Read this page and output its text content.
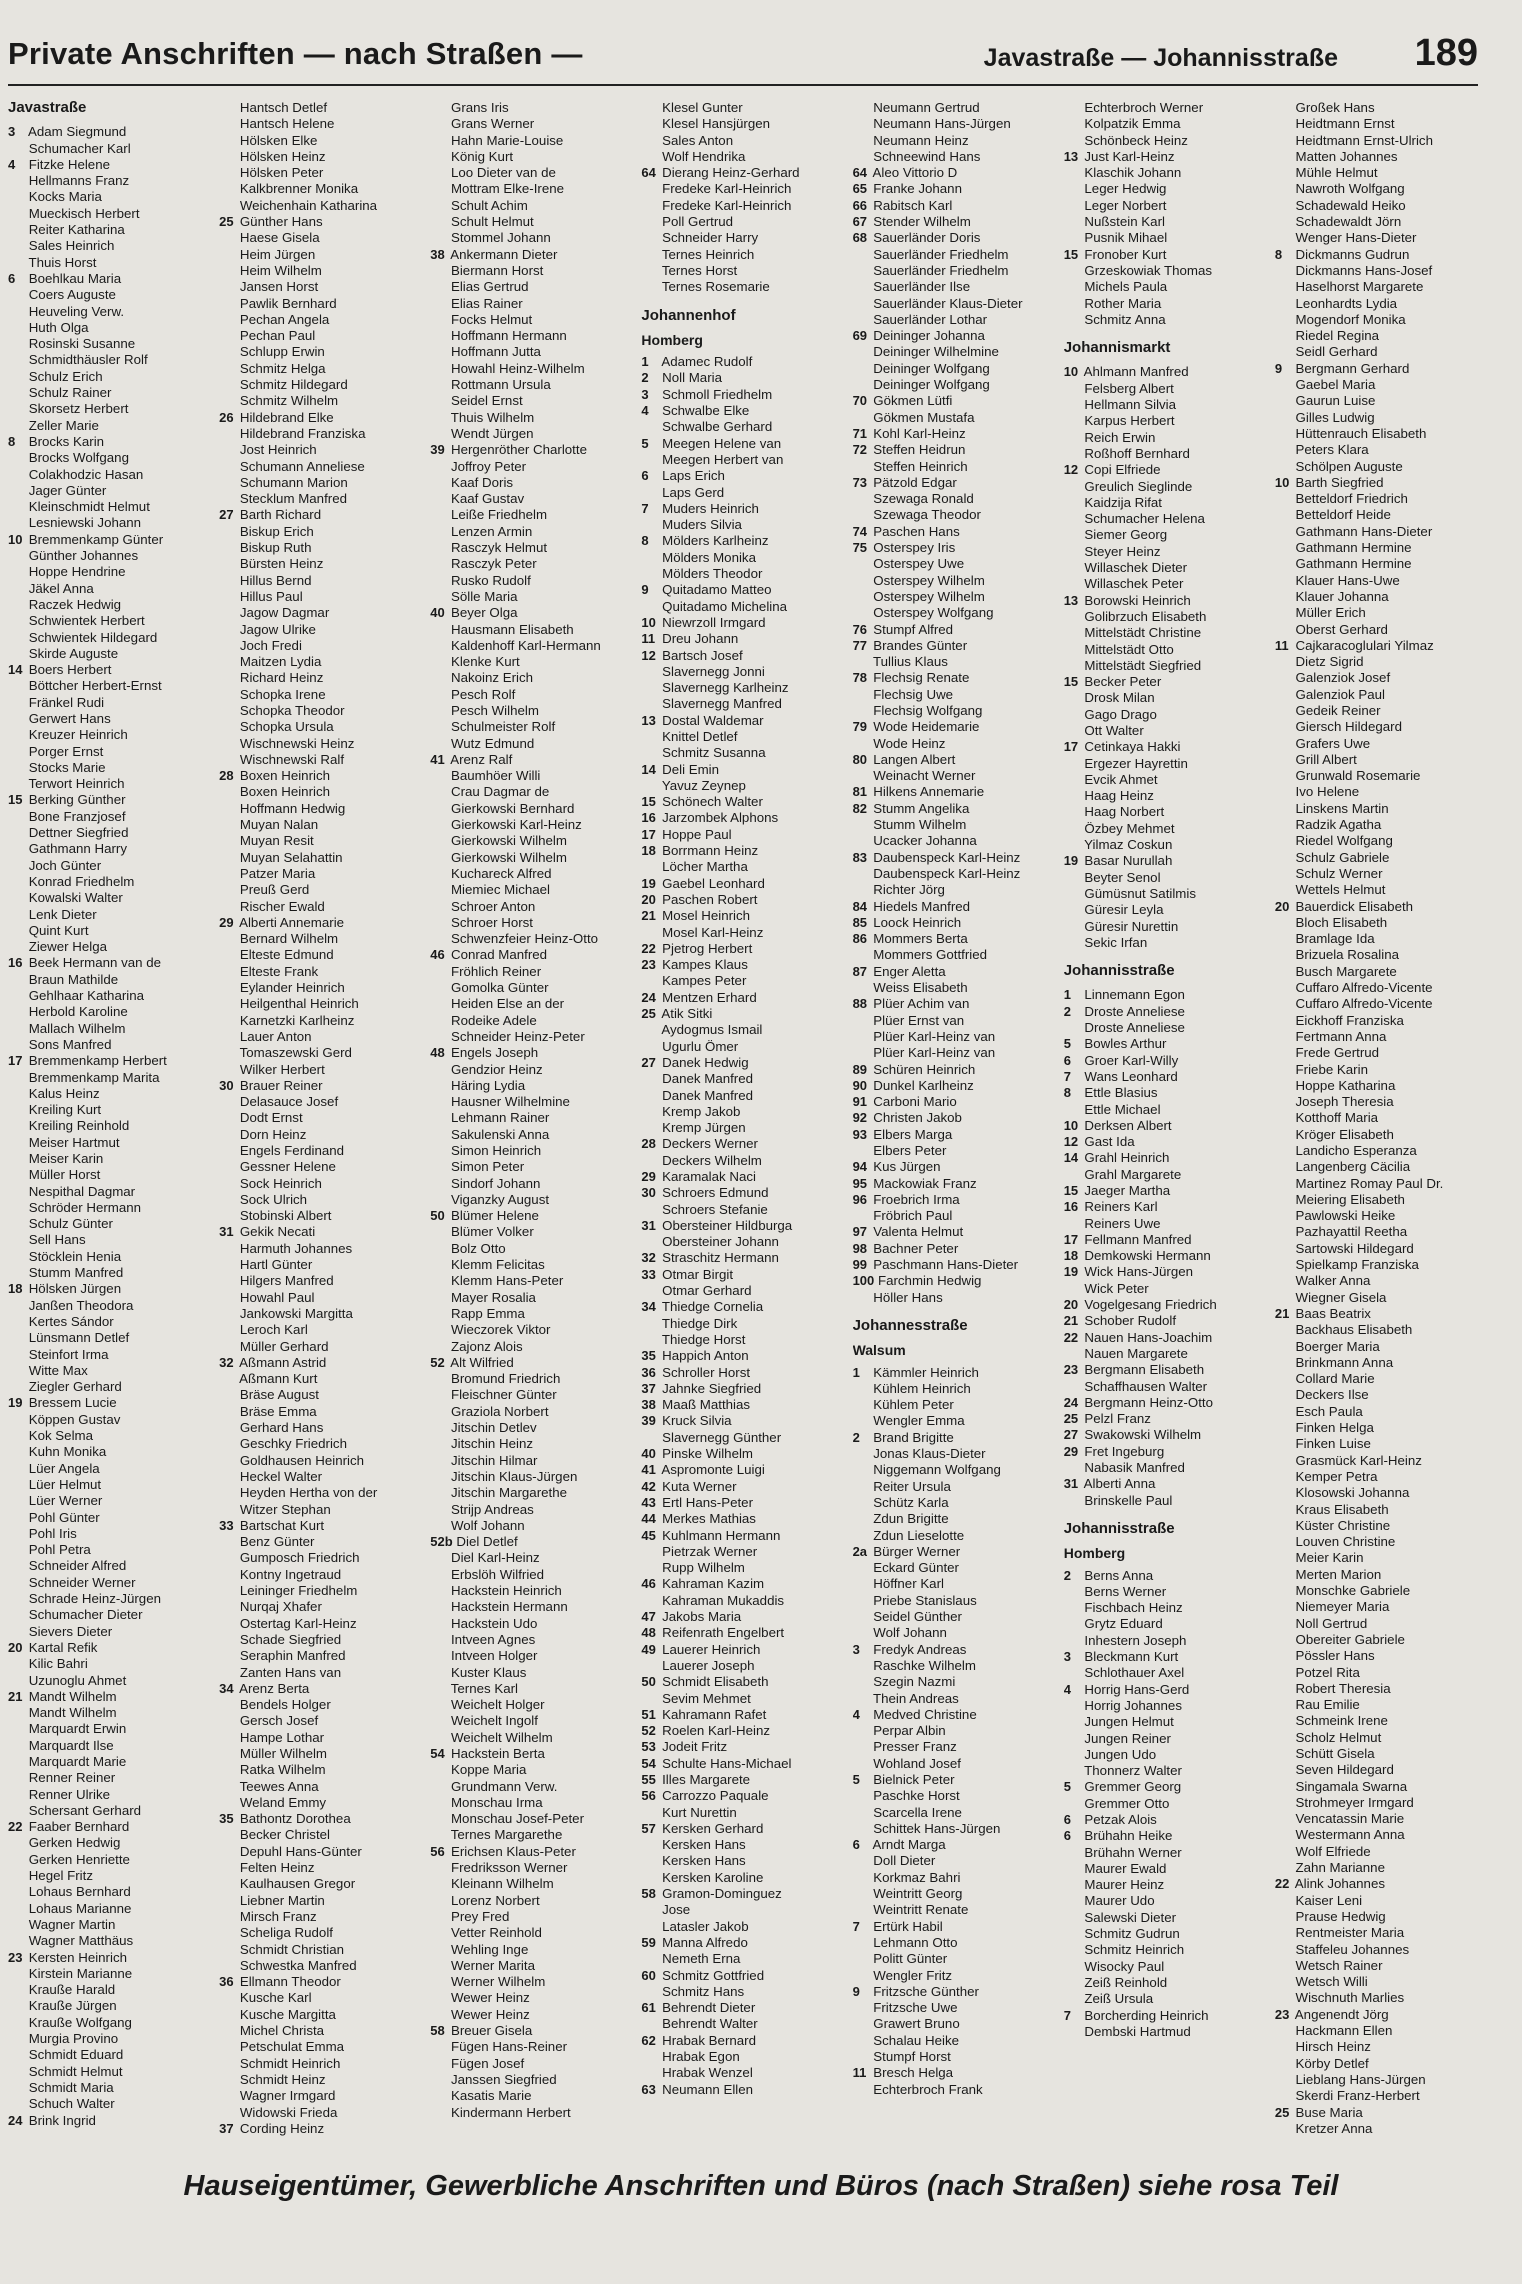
Private Anschriften — nach Straßen —	Javastraße — Johannisstraße 189
Javastraße
3 Adam Siegmund
Schumacher Karl
4 Fitzke Helene
Hellmanns Franz
Kocks Maria
Mueckisch Herbert
Reiter Katharina
Sales Heinrich
Thuis Horst
6 Boehlkau Maria
Coers Auguste
Heuveling Verw.
Huth Olga
Rosinski Susanne
Schmidthäusler Rolf
Schulz Erich
Schulz Rainer
Skorsetz Herbert
Zeller Marie
8 Brocks Karin
Brocks Wolfgang
Colakhodzic Hasan
Jager Günter
Kleinschmidt Helmut
Lesniewski Johann
10 Bremmenkamp Günter
Günther Johannes
Hoppe Hendrine
Jäkel Anna
Raczek Hedwig
Schwientek Herbert
Schwientek Hildegard
Skirde Auguste
14 Boers Herbert
Böttcher Herbert-Ernst
Fränkel Rudi
Gerwert Hans
Kreuzer Heinrich
Porger Ernst
Stocks Marie
Terwort Heinrich
15 Berking Günther
Bone Franzjosef
Dettner Siegfried
Gathmann Harry
Joch Günter
Konrad Friedhelm
Kowalski Walter
Lenk Dieter
Quint Kurt
Ziewer Helga
16 Beek Hermann van de
Braun Mathilde
Gehlhaar Katharina
Herbold Karoline
Mallach Wilhelm
Sons Manfred
17 Bremmenkamp Herbert
Bremmenkamp Marita
Kalus Heinz
Kreiling Kurt
Kreiling Reinhold
Meiser Hartmut
Meiser Karin
Müller Horst
Nespithal Dagmar
Schröder Hermann
Schulz Günter
Sell Hans
Stöcklein Henia
Stumm Manfred
18 Hölsken Jürgen
Janßen Theodora
Kertes Sándor
Lünsmann Detlef
Steinfort Irma
Witte Max
Ziegler Gerhard
19 Bressem Lucie
Köppen Gustav
Kok Selma
Kuhn Monika
Lüer Angela
Lüer Helmut
Lüer Werner
Pohl Günter
Pohl Iris
Pohl Petra
Schneider Alfred
Schneider Werner
Schrade Heinz-Jürgen
Schumacher Dieter
Sievers Dieter
20 Kartal Refik
Kilic Bahri
Uzunoglu Ahmet
21 Mandt Wilhelm
Mandt Wilhelm
Marquardt Erwin
Marquardt Ilse
Marquardt Marie
Renner Reiner
Renner Ulrike
Schersant Gerhard
22 Faaber Bernhard
Gerken Hedwig
Gerken Henriette
Hegel Fritz
Lohaus Bernhard
Lohaus Marianne
Wagner Martin
Wagner Matthäus
23 Kersten Heinrich
Kirstein Marianne
Krauße Harald
Krauße Jürgen
Krauße Wolfgang
Murgia Provino
Schmidt Eduard
Schmidt Helmut
Schmidt Maria
Schuch Walter
24 Brink Ingrid
Hantsch Detlef
Hantsch Helene
Hölsken Elke
Hölsken Heinz
Hölsken Peter
Kalkbrenner Monika
Weichenhain Katharina
25 Günther Hans
Haese Gisela
Heim Jürgen
Heim Wilhelm
Jansen Horst
Pawlik Bernhard
Pechan Angela
Pechan Paul
Schlupp Erwin
Schmitz Helga
Schmitz Hildegard
Schmitz Wilhelm
26 Hildebrand Elke
Hildebrand Franziska
Jost Heinrich
Schumann Anneliese
Schumann Marion
Stecklum Manfred
27 Barth Richard
Biskup Erich
Biskup Ruth
Bürsten Heinz
Hillus Bernd
Hillus Paul
Jagow Dagmar
Jagow Ulrike
Joch Fredi
Maitzen Lydia
Richard Heinz
Schopka Irene
Schopka Theodor
Schopka Ursula
Wischnewski Heinz
Wischnewski Ralf
28 Boxen Heinrich
Boxen Heinrich
Hoffmann Hedwig
Muyan Nalan
Muyan Resit
Muyan Selahattin
Patzer Maria
Preuß Gerd
Rischer Ewald
29 Alberti Annemarie
Bernard Wilhelm
Elteste Edmund
Elteste Frank
Eylander Heinrich
Heilgenthal Heinrich
Karnetzki Karlheinz
Lauer Anton
Tomaszewski Gerd
Wilker Herbert
30 Brauer Reiner
Delasauce Josef
Dodt Ernst
Dorn Heinz
Engels Ferdinand
Gessner Helene
Sock Heinrich
Sock Ulrich
Stobinski Albert
31 Gekik Necati
Harmuth Johannes
Hartl Günter
Hilgers Manfred
Howahl Paul
Jankowski Margitta
Leroch Karl
Müller Gerhard
32 Aßmann Astrid
Aßmann Kurt
Bräse August
Bräse Emma
Gerhard Hans
Geschky Friedrich
Goldhausen Heinrich
Heckel Walter
Heyden Hertha von der
Witzer Stephan
33 Bartschat Kurt
Benz Günter
Gumposch Friedrich
Kontny Ingetraud
Leininger Friedhelm
Nurqaj Xhafer
Ostertag Karl-Heinz
Schade Siegfried
Seraphin Manfred
Zanten Hans van
34 Arenz Berta
Bendels Holger
Gersch Josef
Hampe Lothar
Müller Wilhelm
Ratka Wilhelm
Teewes Anna
Weland Emmy
35 Bathontz Dorothea
Becker Christel
Depuhl Hans-Günter
Felten Heinz
Kaulhausen Gregor
Liebner Martin
Mirsch Franz
Scheliga Rudolf
Schmidt Christian
Schwestka Manfred
36 Ellmann Theodor
Kusche Karl
Kusche Margitta
Michel Christa
Petschulat Emma
Schmidt Heinrich
Schmidt Heinz
Wagner Irmgard
Widowski Frieda
37 Cording Heinz
Grans Iris
Grans Werner
Hahn Marie-Louise
König Kurt
Loo Dieter van de
Mottram Elke-Irene
Schult Achim
Schult Helmut
Stommel Johann
38 Ankermann Dieter
Biermann Horst
Elias Gertrud
Elias Rainer
Focks Helmut
Hoffmann Hermann
Hoffmann Jutta
Howahl Heinz-Wilhelm
Rottmann Ursula
Seidel Ernst
Thuis Wilhelm
Wendt Jürgen
39 Hergenröther Charlotte
Joffroy Peter
Kaaf Doris
Kaaf Gustav
Leiße Friedhelm
Lenzen Armin
Rasczyk Helmut
Rasczyk Peter
Rusko Rudolf
Sölle Maria
40 Beyer Olga
Hausmann Elisabeth
Kaldenhoff Karl-Hermann
Klenke Kurt
Nakoinz Erich
Pesch Rolf
Pesch Wilhelm
Schulmeister Rolf
Wutz Edmund
41 Arenz Ralf
Baumhöer Willi
Crau Dagmar de
Gierkowski Bernhard
Gierkowski Karl-Heinz
Gierkowski Wilhelm
Gierkowski Wilhelm
Kuchareck Alfred
Miemiec Michael
Schroer Anton
Schroer Horst
Schwenzfeier Heinz-Otto
46 Conrad Manfred
Fröhlich Reiner
Gomolka Günter
Heiden Else an der
Rodeike Adele
Schneider Heinz-Peter
48 Engels Joseph
Gendzior Heinz
Häring Lydia
Hausner Wilhelmine
Lehmann Rainer
Sakulenski Anna
Simon Heinrich
Simon Peter
Sindorf Johann
Viganzky August
50 Blümer Helene
Blümer Volker
Bolz Otto
Klemm Felicitas
Klemm Hans-Peter
Mayer Rosalia
Rapp Emma
Wieczorek Viktor
Zajonz Alois
52 Alt Wilfried
Bromund Friedrich
Fleischner Günter
Graziola Norbert
Jitschin Detlev
Jitschin Heinz
Jitschin Hilmar
Jitschin Klaus-Jürgen
Jitschin Margarethe
Strijp Andreas
Wolf Johann
52b Diel Detlef
Diel Karl-Heinz
Erbslöh Wilfried
Hackstein Heinrich
Hackstein Hermann
Hackstein Udo
Intveen Agnes
Intveen Holger
Kuster Klaus
Ternes Karl
Weichelt Holger
Weichelt Ingolf
Weichelt Wilhelm
54 Hackstein Berta
Koppe Maria
Grundmann Verw.
Monschau Irma
Monschau Josef-Peter
Ternes Margarethe
56 Erichsen Klaus-Peter
Fredriksson Werner
Kleinann Wilhelm
Lorenz Norbert
Prey Fred
Vetter Reinhold
Wehling Inge
Werner Marita
Werner Wilhelm
Wewer Heinz
Wewer Heinz
58 Breuer Gisela
Fügen Hans-Reiner
Fügen Josef
Janssen Siegfried
Kasatis Marie
Kindermann Herbert
Klesel Gunter
Klesel Hansjürgen
Sales Anton
Wolf Hendrika
64 Dierang Heinz-Gerhard
Fredeke Karl-Heinrich
Fredeke Karl-Heinrich
Poll Gertrud
Schneider Harry
Ternes Heinrich
Ternes Horst
Ternes Rosemarie
Johannenhof
Homberg
1 Adamec Rudolf
2 Noll Maria
3 Schmoll Friedhelm
4 Schwalbe Elke
Schwalbe Gerhard
5 Meegen Helene van
Meegen Herbert van
6 Laps Erich
Laps Gerd
7 Muders Heinrich
Muders Silvia
8 Mölders Karlheinz
Mölders Monika
Mölders Theodor
9 Quitadamo Matteo
Quitadamo Michelina
10 Niewrzoll Irmgard
11 Dreu Johann
12 Bartsch Josef
Slavernegg Jonni
Slavernegg Karlheinz
Slavernegg Manfred
13 Dostal Waldemar
Knittel Detlef
Schmitz Susanna
14 Deli Emin
Yavuz Zeynep
15 Schönech Walter
16 Jarzombek Alphons
17 Hoppe Paul
18 Borrmann Heinz
Löcher Martha
19 Gaebel Leonhard
20 Paschen Robert
21 Mosel Heinrich
Mosel Karl-Heinz
22 Pjetrog Herbert
23 Kampes Klaus
Kampes Peter
24 Mentzen Erhard
25 Atik Sitki
Aydogmus Ismail
Ugurlu Ömer
27 Danek Hedwig
Danek Manfred
Danek Manfred
Kremp Jakob
Kremp Jürgen
28 Deckers Werner
Deckers Wilhelm
29 Karamalak Naci
30 Schroers Edmund
Schroers Stefanie
31 Obersteiner Hildburga
Obersteiner Johann
32 Straschitz Hermann
33 Otmar Birgit
Otmar Gerhard
34 Thiedge Cornelia
Thiedge Dirk
Thiedge Horst
35 Happich Anton
36 Schroller Horst
37 Jahnke Siegfried
38 Maaß Matthias
39 Kruck Silvia
Slavernegg Günther
40 Pinske Wilhelm
41 Aspromonte Luigi
42 Kuta Werner
43 Ertl Hans-Peter
44 Merkes Mathias
45 Kuhlmann Hermann
Pietrzak Werner
Rupp Wilhelm
46 Kahraman Kazim
Kahraman Mukaddis
47 Jakobs Maria
48 Reifenrath Engelbert
49 Lauerer Heinrich
Lauerer Joseph
50 Schmidt Elisabeth
Sevim Mehmet
51 Kahramann Rafet
52 Roelen Karl-Heinz
53 Jodeit Fritz
54 Schulte Hans-Michael
55 Illes Margarete
56 Carrozzo Paquale
Kurt Nurettin
57 Kersken Gerhard
Kersken Hans
Kersken Hans
Kersken Karoline
58 Gramon-Dominguez
Jose
Latasler Jakob
59 Manna Alfredo
Nemeth Erna
60 Schmitz Gottfried
Schmitz Hans
61 Behrendt Dieter
Behrendt Walter
62 Hrabak Bernard
Hrabak Egon
Hrabak Wenzel
63 Neumann Ellen
Neumann Gertrud
Neumann Hans-Jürgen
Neumann Heinz
Schneewind Hans
64 Aleo Vittorio D
65 Franke Johann
66 Rabitsch Karl
67 Stender Wilhelm
68 Sauerländer Doris
Sauerländer Friedhelm
Sauerländer Friedhelm
Sauerländer Ilse
Sauerländer Klaus-Dieter
Sauerländer Lothar
69 Deininger Johanna
Deininger Wilhelmine
Deininger Wolfgang
Deininger Wolfgang
70 Gökmen Lütfi
Gökmen Mustafa
71 Kohl Karl-Heinz
72 Steffen Heidrun
Steffen Heinrich
73 Pätzold Edgar
Szewaga Ronald
Szewaga Theodor
74 Paschen Hans
75 Osterspey Iris
Osterspey Uwe
Osterspey Wilhelm
Osterspey Wilhelm
Osterspey Wolfgang
76 Stumpf Alfred
77 Brandes Günter
Tullius Klaus
78 Flechsig Renate
Flechsig Uwe
Flechsig Wolfgang
79 Wode Heidemarie
Wode Heinz
80 Langen Albert
Weinacht Werner
81 Hilkens Annemarie
82 Stumm Angelika
Stumm Wilhelm
Ucacker Johanna
83 Daubenspeck Karl-Heinz
Daubenspeck Karl-Heinz
Richter Jörg
84 Hiedels Manfred
85 Loock Heinrich
86 Mommers Berta
Mommers Gottfried
87 Enger Aletta
Weiss Elisabeth
88 Plüer Achim van
Plüer Ernst van
Plüer Karl-Heinz van
Plüer Karl-Heinz van
89 Schüren Heinrich
90 Dunkel Karlheinz
91 Carboni Mario
92 Christen Jakob
93 Elbers Marga
Elbers Peter
94 Kus Jürgen
95 Mackowiak Franz
96 Froebrich Irma
Fröbrich Paul
97 Valenta Helmut
98 Bachner Peter
99 Paschmann Hans-Dieter
100 Farchmin Hedwig
Höller Hans
Johannesstraße
Walsum
1 Kämmler Heinrich
Kühlem Heinrich
Kühlem Peter
Wengler Emma
2 Brand Brigitte
Jonas Klaus-Dieter
Niggemann Wolfgang
Reiter Ursula
Schütz Karla
Zdun Brigitte
Zdun Lieselotte
2a Bürger Werner
Eckard Günter
Höffner Karl
Priebe Stanislaus
Seidel Günther
Wolf Johann
3 Fredyk Andreas
Raschke Wilhelm
Szegin Nazmi
Thein Andreas
4 Medved Christine
Perpar Albin
Presser Franz
Wohland Josef
5 Bielnick Peter
Paschke Horst
Scarcella Irene
Schittek Hans-Jürgen
6 Arndt Marga
Doll Dieter
Korkmaz Bahri
Weintritt Georg
Weintritt Renate
7 Ertürk Habil
Lehmann Otto
Politt Günter
Wengler Fritz
9 Fritzsche Günther
Fritzsche Uwe
Grawert Bruno
Schalau Heike
Stumpf Horst
11 Bresch Helga
Echterbroch Frank
Echterbroch Werner
Kolpatzik Emma
Schönbeck Heinz
13 Just Karl-Heinz
Klaschik Johann
Leger Hedwig
Leger Norbert
Nußstein Karl
Pusnik Mihael
15 Fronober Kurt
Grzeskowiak Thomas
Michels Paula
Rother Maria
Schmitz Anna
Johannismarkt
10 Ahlmann Manfred
Felsberg Albert
Hellmann Silvia
Karpus Herbert
Reich Erwin
Roßhoff Bernhard
12 Copi Elfriede
Greulich Sieglinde
Kaidzija Rifat
Schumacher Helena
Siemer Georg
Steyer Heinz
Willaschek Dieter
Willaschek Peter
13 Borowski Heinrich
Golibrzuch Elisabeth
Mittelstädt Christine
Mittelstädt Otto
Mittelstädt Siegfried
15 Becker Peter
Drosk Milan
Gago Drago
Ott Walter
17 Cetinkaya Hakki
Ergezer Hayrettin
Evcik Ahmet
Haag Heinz
Haag Norbert
Özbey Mehmet
Yilmaz Coskun
19 Basar Nurullah
Beyter Senol
Gümüsnut Satilmis
Güresir Leyla
Güresir Nurettin
Sekic Irfan
Johannisstraße
1 Linnemann Egon
2 Droste Anneliese
Droste Anneliese
5 Bowles Arthur
6 Groer Karl-Willy
7 Wans Leonhard
8 Ettle Blasius
Ettle Michael
10 Derksen Albert
12 Gast Ida
14 Grahl Heinrich
Grahl Margarete
15 Jaeger Martha
16 Reiners Karl
Reiners Uwe
17 Fellmann Manfred
18 Demkowski Hermann
19 Wick Hans-Jürgen
Wick Peter
20 Vogelgesang Friedrich
21 Schober Rudolf
22 Nauen Hans-Joachim
Nauen Margarete
23 Bergmann Elisabeth
Schaffhausen Walter
24 Bergmann Heinz-Otto
25 Pelzl Franz
27 Swakowski Wilhelm
29 Fret Ingeburg
Nabasik Manfred
31 Alberti Anna
Brinskelle Paul
Johannisstraße
Homberg
2 Berns Anna
Berns Werner
Fischbach Heinz
Grytz Eduard
Inhestern Joseph
3 Bleckmann Kurt
Schlothauer Axel
4 Horrig Hans-Gerd
Horrig Johannes
Jungen Helmut
Jungen Reiner
Jungen Udo
Thonnerz Walter
5 Gremmer Georg
Gremmer Otto
6 Petzak Alois
6 Brühahn Heike
Brühahn Werner
Maurer Ewald
Maurer Heinz
Maurer Udo
Salewski Dieter
Schmitz Gudrun
Schmitz Heinrich
Wisocky Paul
Zeiß Reinhold
Zeiß Ursula
7 Borcherding Heinrich
Dembski Hartmud
Großek Hans
Heidtmann Ernst
Heidtmann Ernst-Ulrich
Matten Johannes
Mühle Helmut
Nawroth Wolfgang
Schadewald Heiko
Schadewaldt Jörn
Wenger Hans-Dieter
8 Dickmanns Gudrun
Dickmanns Hans-Josef
Haselhorst Margarete
Leonhardts Lydia
Mogendorf Monika
Riedel Regina
Seidl Gerhard
9 Bergmann Gerhard
Gaebel Maria
Gaurun Luise
Gilles Ludwig
Hüttenrauch Elisabeth
Peters Klara
Schölpen Auguste
10 Barth Siegfried
Betteldorf Friedrich
Betteldorf Heide
Gathmann Hans-Dieter
Gathmann Hermine
Gathmann Hermine
Klauer Hans-Uwe
Klauer Johanna
Müller Erich
Oberst Gerhard
11 Cajkaracoglulari Yilmaz
Dietz Sigrid
Galenziok Josef
Galenziok Paul
Gedeik Reiner
Giersch Hildegard
Grafers Uwe
Grill Albert
Grunwald Rosemarie
Ivo Helene
Linskens Martin
Radzik Agatha
Riedel Wolfgang
Schulz Gabriele
Schulz Werner
Wettels Helmut
20 Bauerdick Elisabeth
Bloch Elisabeth
Bramlage Ida
Brizuela Rosalina
Busch Margarete
Cuffaro Alfredo-Vicente
Cuffaro Alfredo-Vicente
Eickhoff Franziska
Fertmann Anna
Frede Gertrud
Friebe Karin
Hoppe Katharina
Joseph Theresia
Kotthoff Maria
Kröger Elisabeth
Landicho Esperanza
Langenberg Cäcilia
Martinez Romay Paul Dr.
Meiering Elisabeth
Pawlowski Heike
Pazhayattil Reetha
Sartowski Hildegard
Spielkamp Franziska
Walker Anna
Wiegner Gisela
21 Baas Beatrix
Backhaus Elisabeth
Boerger Maria
Brinkmann Anna
Collard Marie
Deckers Ilse
Esch Paula
Finken Helga
Finken Luise
Grasmück Karl-Heinz
Kemper Petra
Klosowski Johanna
Kraus Elisabeth
Küster Christine
Louven Christine
Meier Karin
Merten Marion
Monschke Gabriele
Niemeyer Maria
Noll Gertrud
Obereiter Gabriele
Pössler Hans
Potzel Rita
Robert Theresia
Rau Emilie
Schmeink Irene
Scholz Helmut
Schütt Gisela
Seven Hildegard
Singamala Swarna
Strohmeyer Irmgard
Vencatassin Marie
Westermann Anna
Wolf Elfriede
Zahn Marianne
22 Alink Johannes
Kaiser Leni
Prause Hedwig
Rentmeister Maria
Staffeleu Johannes
Wetsch Rainer
Wetsch Willi
Wischnuth Marlies
23 Angenendt Jörg
Hackmann Ellen
Hirsch Heinz
Körby Detlef
Lieblang Hans-Jürgen
Skerdi Franz-Herbert
25 Buse Maria
Kretzer Anna
Hauseigentümer, Gewerbliche Anschriften und Büros (nach Straßen) siehe rosa Teil
